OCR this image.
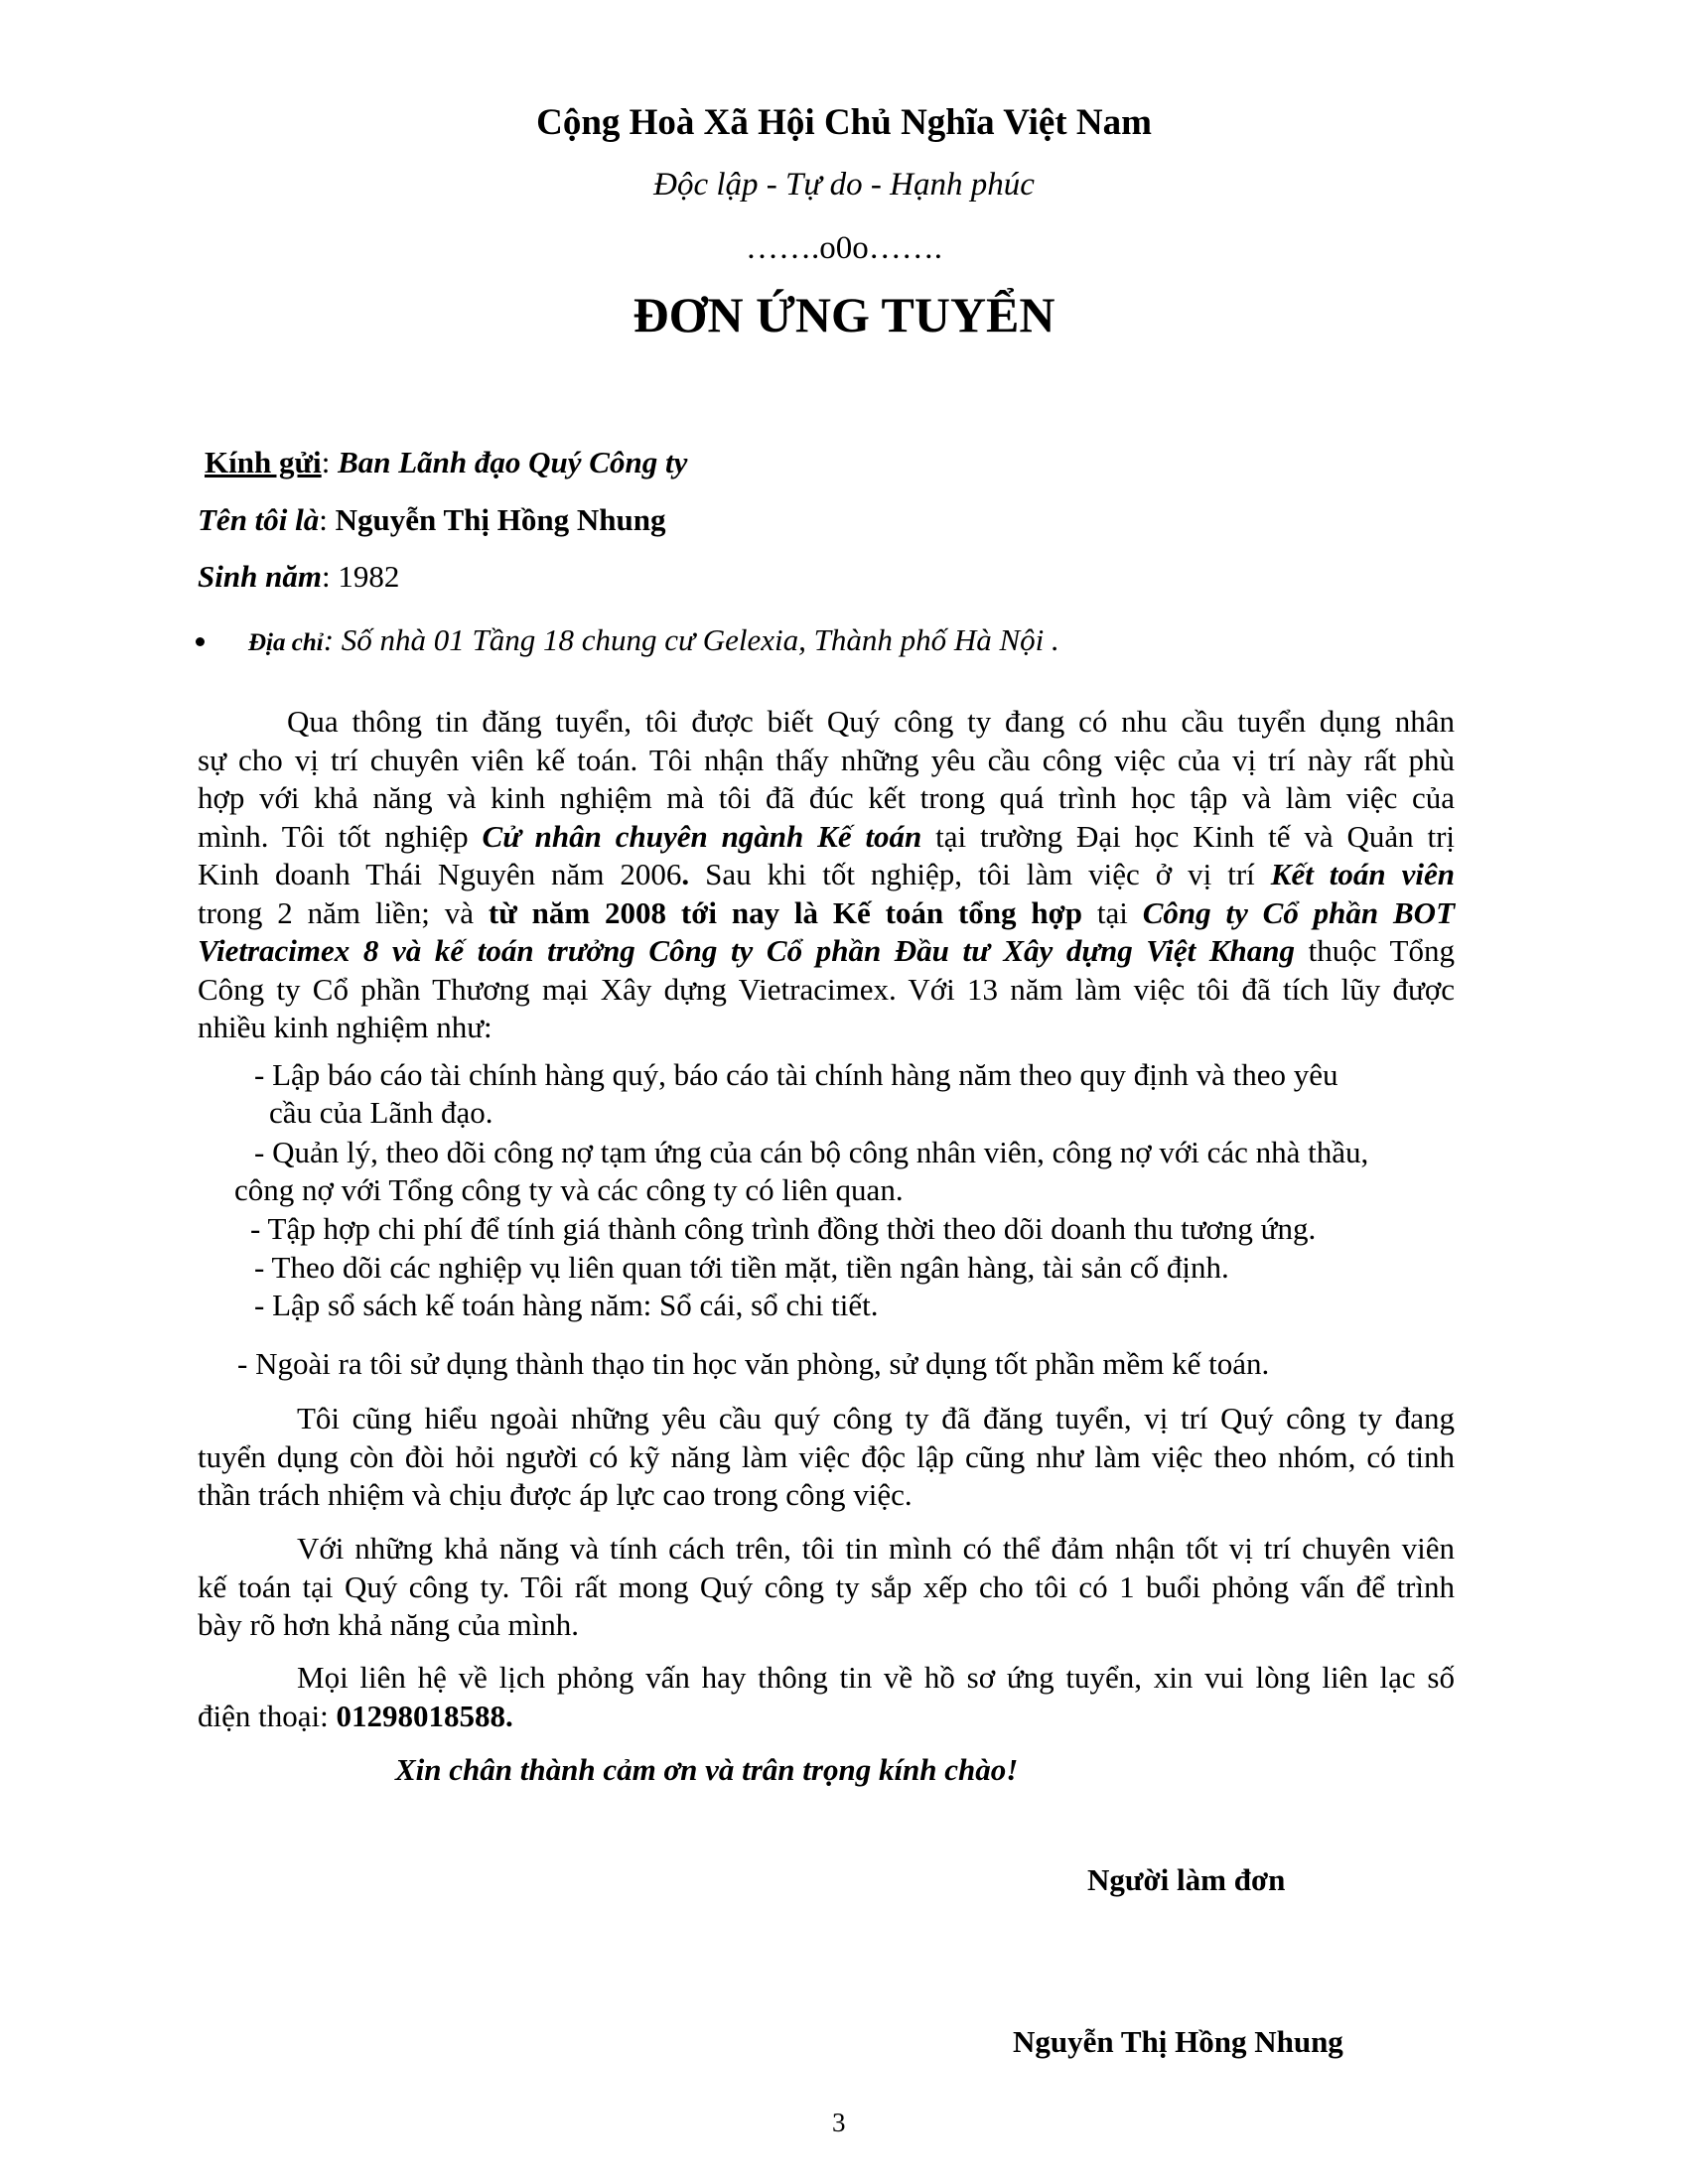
Cộng Hoà Xã Hội Chủ Nghĩa Việt Nam
Độc lập - Tự do - Hạnh phúc
…….o0o…….
ĐƠN ỨNG TUYỂN
Kính gửi: Ban Lãnh đạo Quý Công ty
Tên tôi là: Nguyễn Thị Hồng Nhung
Sinh năm: 1982
Địa chỉ: Số nhà 01 Tầng 18 chung cư Gelexia, Thành phố Hà Nội .
Qua thông tin đăng tuyển, tôi được biết Quý công ty đang có nhu cầu tuyển dụng nhân
sự cho vị trí chuyên viên kế toán. Tôi nhận thấy những yêu cầu công việc của vị trí này rất phù
hợp với khả năng và kinh nghiệm mà tôi đã đúc kết trong quá trình học tập và làm việc của
mình. Tôi tốt nghiệp Cử nhân chuyên ngành Kế toán tại trường Đại học Kinh tế và Quản trị
Kinh doanh Thái Nguyên năm 2006. Sau khi tốt nghiệp, tôi làm việc ở vị trí Kết toán viên
trong 2 năm liền; và từ năm 2008 tới nay là Kế toán tổng hợp tại Công ty Cổ phần BOT
Vietracimex 8 và kế toán trưởng Công ty Cổ phần Đầu tư Xây dựng Việt Khang thuộc Tổng
Công ty Cổ phần Thương mại Xây dựng Vietracimex. Với 13 năm làm việc tôi đã tích lũy được
nhiều kinh nghiệm như:
- Lập báo cáo tài chính hàng quý, báo cáo tài chính hàng năm theo quy định và theo yêu
cầu của Lãnh đạo.
- Quản lý, theo dõi công nợ tạm ứng của cán bộ công nhân viên, công nợ với các nhà thầu,
công nợ với Tổng công ty và các công ty có liên quan.
- Tập hợp chi phí để tính giá thành công trình đồng thời theo dõi doanh thu tương ứng.
- Theo dõi các nghiệp vụ liên quan tới tiền mặt, tiền ngân hàng, tài sản cố định.
- Lập sổ sách kế toán hàng năm: Sổ cái, sổ chi tiết.
- Ngoài ra tôi sử dụng thành thạo tin học văn phòng, sử dụng tốt phần mềm kế toán.
Tôi cũng hiểu ngoài những yêu cầu quý công ty đã đăng tuyển, vị trí Quý công ty đang
tuyển dụng còn đòi hỏi người có kỹ năng làm việc độc lập cũng như làm việc theo nhóm, có tinh
thần trách nhiệm và chịu được áp lực cao trong công việc.
Với những khả năng và tính cách trên, tôi tin mình có thể đảm nhận tốt vị trí chuyên viên
kế toán tại Quý công ty. Tôi rất mong Quý công ty sắp xếp cho tôi có 1 buổi phỏng vấn để trình
bày rõ hơn khả năng của mình.
Mọi liên hệ về lịch phỏng vấn hay thông tin về hồ sơ ứng tuyển, xin vui lòng liên lạc số
điện thoại: 01298018588.
Xin chân thành cảm ơn và trân trọng kính chào!
Người làm đơn
Nguyễn Thị Hồng Nhung
3
